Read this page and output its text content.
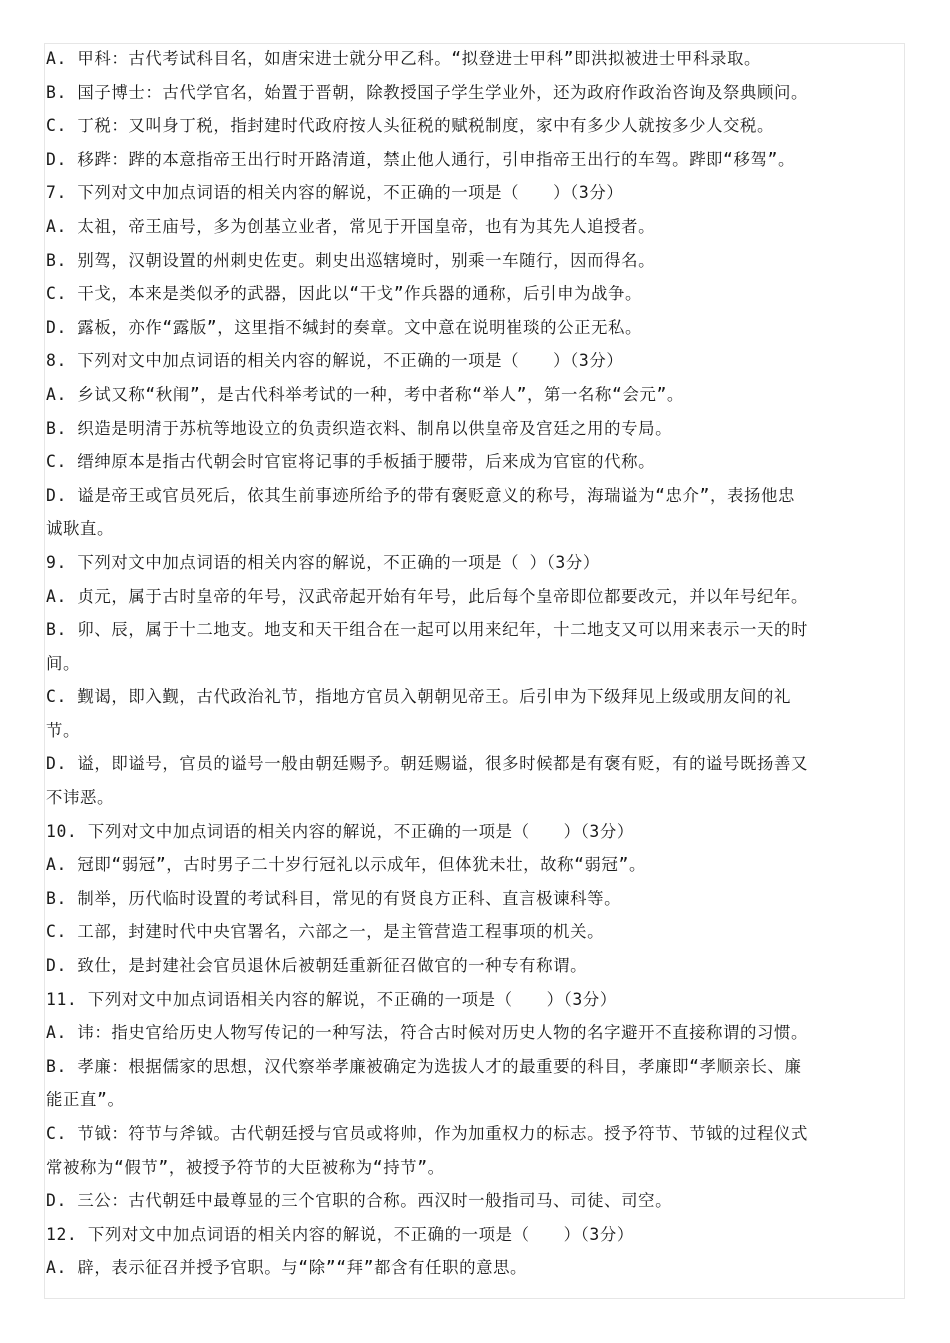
A. 甲科：古代考试科目名，如唐宋进士就分甲乙科。“拟登进士甲科”即洪拟被进士甲科录取。
B. 国子博士：古代学官名，始置于晋朝，除教授国子学生学业外，还为政府作政治咨询及祭典顾问。
C. 丁税：又叫身丁税，指封建时代政府按人头征税的赋税制度，家中有多少人就按多少人交税。
D. 移跸：跸的本意指帝王出行时开路清道，禁止他人通行，引申指帝王出行的车驾。跸即“移驾”。
7. 下列对文中加点词语的相关内容的解说，不正确的一项是（　　）（3分）
A. 太祖，帝王庙号，多为创基立业者，常见于开国皇帝，也有为其先人追授者。
B. 别驾，汉朝设置的州刺史佐吏。刺史出巡辖境时，别乘一车随行，因而得名。
C. 干戈，本来是类似矛的武器，因此以“干戈”作兵器的通称，后引申为战争。
D. 露板，亦作“露版”，这里指不缄封的奏章。文中意在说明崔琰的公正无私。
8. 下列对文中加点词语的相关内容的解说，不正确的一项是（　　）（3分）
A. 乡试又称“秋闱”，是古代科举考试的一种，考中者称“举人”，第一名称“会元”。
B. 织造是明清于苏杭等地设立的负责织造衣料、制帛以供皇帝及宫廷之用的专局。
C. 缙绅原本是指古代朝会时官宦将记事的手板插于腰带，后来成为官宦的代称。
D. 谥是帝王或官员死后，依其生前事迹所给予的带有褒贬意义的称号，海瑞谥为“忠介”，表扬他忠
诚耿直。
9. 下列对文中加点词语的相关内容的解说，不正确的一项是（ ）（3分）
A. 贞元，属于古时皇帝的年号，汉武帝起开始有年号，此后每个皇帝即位都要改元，并以年号纪年。
B. 卯、辰，属于十二地支。地支和天干组合在一起可以用来纪年，十二地支又可以用来表示一天的时
间。
C. 觐谒，即入觐，古代政治礼节，指地方官员入朝朝见帝王。后引申为下级拜见上级或朋友间的礼
节。
D. 谥，即谥号，官员的谥号一般由朝廷赐予。朝廷赐谥，很多时候都是有褒有贬，有的谥号既扬善又
不讳恶。
10. 下列对文中加点词语的相关内容的解说，不正确的一项是（　　）（3分）
A. 冠即“弱冠”，古时男子二十岁行冠礼以示成年，但体犹未壮，故称“弱冠”。
B. 制举，历代临时设置的考试科目，常见的有贤良方正科、直言极谏科等。
C. 工部，封建时代中央官署名，六部之一，是主管营造工程事项的机关。
D. 致仕，是封建社会官员退休后被朝廷重新征召做官的一种专有称谓。
11. 下列对文中加点词语相关内容的解说，不正确的一项是（　　）（3分）
A. 讳：指史官给历史人物写传记的一种写法，符合古时候对历史人物的名字避开不直接称谓的习惯。
B. 孝廉：根据儒家的思想，汉代察举孝廉被确定为选拔人才的最重要的科目，孝廉即“孝顺亲长、廉
能正直”。
C. 节钺：符节与斧钺。古代朝廷授与官员或将帅，作为加重权力的标志。授予符节、节钺的过程仪式
常被称为“假节”，被授予符节的大臣被称为“持节”。
D. 三公：古代朝廷中最尊显的三个官职的合称。西汉时一般指司马、司徒、司空。
12. 下列对文中加点词语的相关内容的解说，不正确的一项是（　　）（3分）
A. 辟，表示征召并授予官职。与“除”“拜”都含有任职的意思。
